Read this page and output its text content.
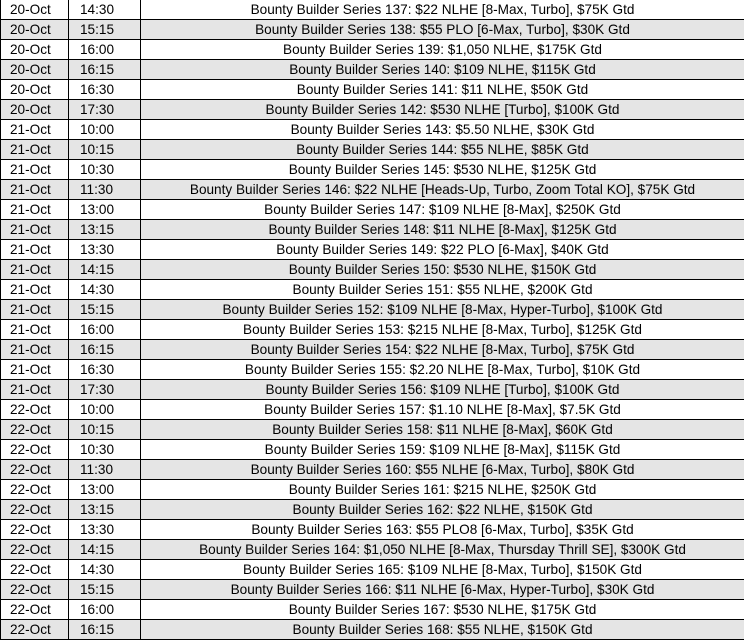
20-Oct	14:30	Bounty Builder Series 137: $22 NLHE [8-Max, Turbo], $75K Gtd
20-Oct	15:15	Bounty Builder Series 138: $55 PLO [6-Max, Turbo], $30K Gtd
20-Oct	16:00	Bounty Builder Series 139: $1,050 NLHE, $175K Gtd
20-Oct	16:15	Bounty Builder Series 140: $109 NLHE, $115K Gtd
20-Oct	16:30	Bounty Builder Series 141: $11 NLHE, $50K Gtd
20-Oct	17:30	Bounty Builder Series 142: $530 NLHE [Turbo], $100K Gtd
21-Oct	10:00	Bounty Builder Series 143: $5.50 NLHE, $30K Gtd
21-Oct	10:15	Bounty Builder Series 144: $55 NLHE, $85K Gtd
21-Oct	10:30	Bounty Builder Series 145: $530 NLHE, $125K Gtd
21-Oct	11:30	Bounty Builder Series 146: $22 NLHE [Heads-Up, Turbo, Zoom Total KO], $75K Gtd
21-Oct	13:00	Bounty Builder Series 147: $109 NLHE [8-Max], $250K Gtd
21-Oct	13:15	Bounty Builder Series 148: $11 NLHE [8-Max], $125K Gtd
21-Oct	13:30	Bounty Builder Series 149: $22 PLO [6-Max], $40K Gtd
21-Oct	14:15	Bounty Builder Series 150: $530 NLHE, $150K Gtd
21-Oct	14:30	Bounty Builder Series 151: $55 NLHE, $200K Gtd
21-Oct	15:15	Bounty Builder Series 152: $109 NLHE [8-Max, Hyper-Turbo], $100K Gtd
21-Oct	16:00	Bounty Builder Series 153: $215 NLHE [8-Max, Turbo], $125K Gtd
21-Oct	16:15	Bounty Builder Series 154: $22 NLHE [8-Max, Turbo], $75K Gtd
21-Oct	16:30	Bounty Builder Series 155: $2.20 NLHE [8-Max, Turbo], $10K Gtd
21-Oct	17:30	Bounty Builder Series 156: $109 NLHE [Turbo], $100K Gtd
22-Oct	10:00	Bounty Builder Series 157: $1.10 NLHE [8-Max], $7.5K Gtd
22-Oct	10:15	Bounty Builder Series 158: $11 NLHE [8-Max], $60K Gtd
22-Oct	10:30	Bounty Builder Series 159: $109 NLHE [8-Max], $115K Gtd
22-Oct	11:30	Bounty Builder Series 160: $55 NLHE [6-Max, Turbo], $80K Gtd
22-Oct	13:00	Bounty Builder Series 161: $215 NLHE, $250K Gtd
22-Oct	13:15	Bounty Builder Series 162: $22 NLHE, $150K Gtd
22-Oct	13:30	Bounty Builder Series 163: $55 PLO8 [6-Max, Turbo], $35K Gtd
22-Oct	14:15	Bounty Builder Series 164: $1,050 NLHE [8-Max, Thursday Thrill SE], $300K Gtd
22-Oct	14:30	Bounty Builder Series 165: $109 NLHE [8-Max, Turbo], $150K Gtd
22-Oct	15:15	Bounty Builder Series 166: $11 NLHE [6-Max, Hyper-Turbo], $30K Gtd
22-Oct	16:00	Bounty Builder Series 167: $530 NLHE, $175K Gtd
22-Oct	16:15	Bounty Builder Series 168: $55 NLHE, $150K Gtd
